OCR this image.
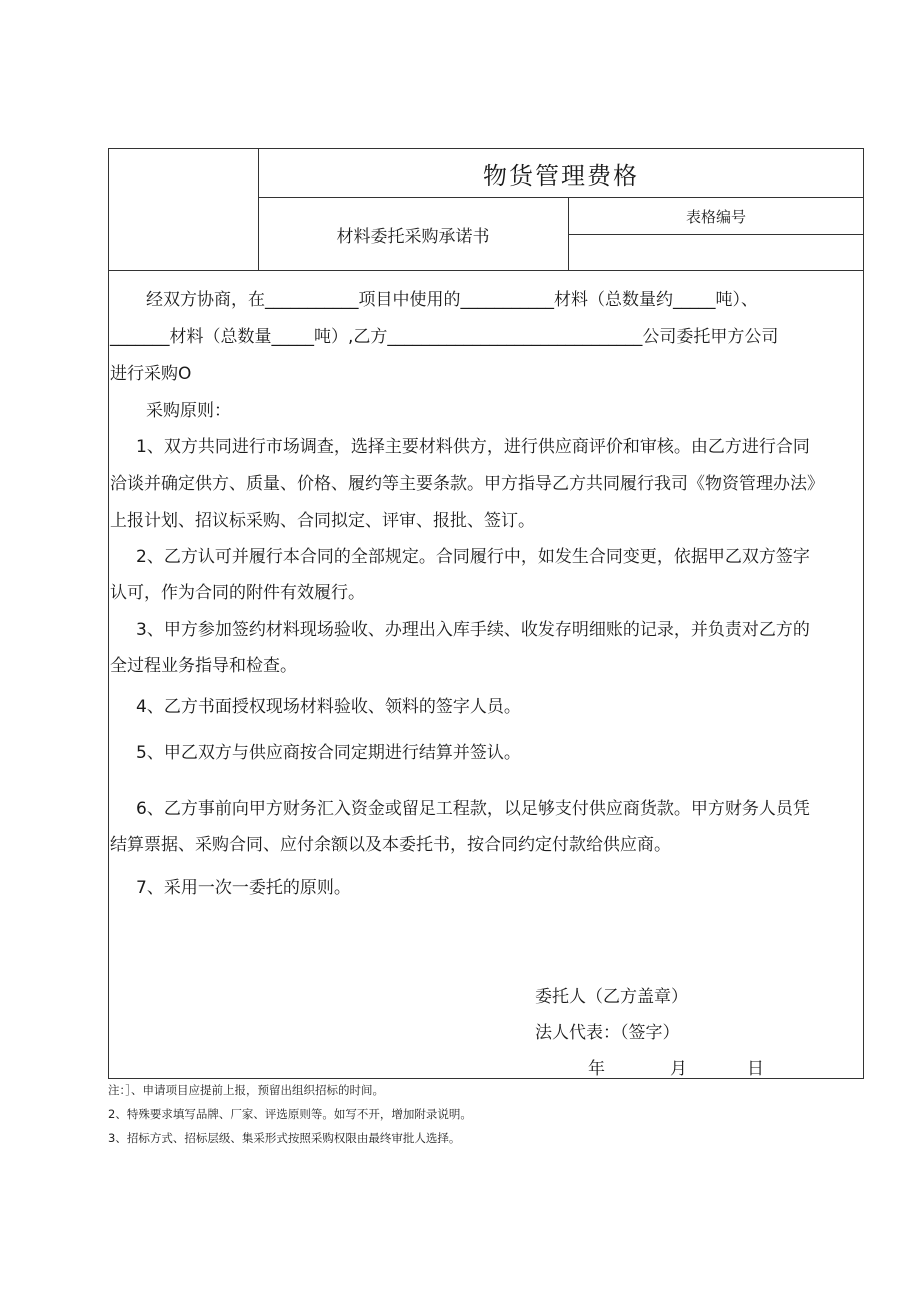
物货管理费格
材料委托采购承诺书
表格编号
经双方协商，在___________项目中使用的___________材料（总数量约_____吨）、
_______材料（总数量_____吨）,乙方______________________________公司委托甲方公司
进行采购O
采购原则：
1、双方共同进行市场调查，选择主要材料供方，进行供应商评价和审核。由乙方进行合同
洽谈并确定供方、质量、价格、履约等主要条款。甲方指导乙方共同履行我司《物资管理办法》
上报计划、招议标采购、合同拟定、评审、报批、签订。
2、乙方认可并履行本合同的全部规定。合同履行中，如发生合同变更，依据甲乙双方签字
认可，作为合同的附件有效履行。
3、甲方参加签约材料现场验收、办理出入库手续、收发存明细账的记录，并负责对乙方的
全过程业务指导和检查。
4、乙方书面授权现场材料验收、领料的签字人员。
5、甲乙双方与供应商按合同定期进行结算并签认。
6、乙方事前向甲方财务汇入资金或留足工程款，以足够支付供应商货款。甲方财务人员凭
结算票据、采购合同、应付余额以及本委托书，按合同约定付款给供应商。
7、采用一次一委托的原则。
委托人（乙方盖章）
法人代表：（签字）
年	月	日
注：］、申请项目应提前上报，预留出组织招标的时间。
2、特殊要求填写品牌、厂家、评选原则等。如写不开，增加附录说明。
3、招标方式、招标层级、集采形式按照采购权限由最终审批人选择。
